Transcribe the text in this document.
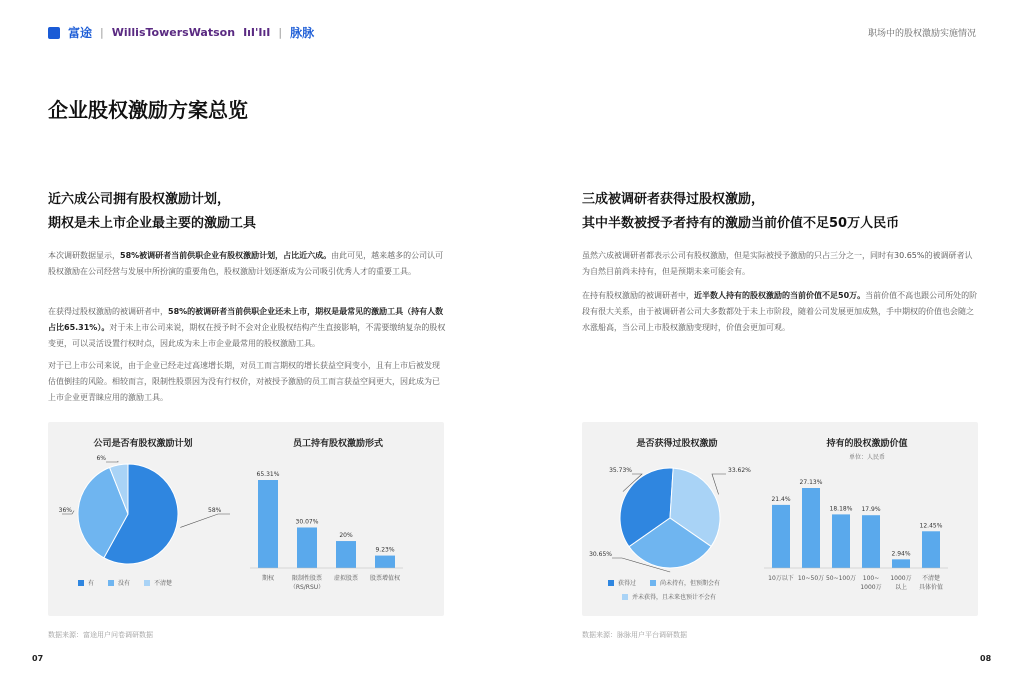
富途 | WillisTowersWatson IıI'IıI | 脉脉	职场中的股权激励实施情况
企业股权激励方案总览
近六成公司拥有股权激励计划，
期权是未上市企业最主要的激励工具
本次调研数据显示，58%被调研者当前供职企业有股权激励计划，占比近六成。由此可见，越来越多的公司认可股权激励在公司经营与发展中所扮演的重要角色，股权激励计划逐渐成为公司吸引优秀人才的重要工具。
在获得过股权激励的被调研者中，58%的被调研者当前供职企业还未上市，期权是最常见的激励工具（持有人数占比65.31%）。对于未上市公司来说，期权在授予时不会对企业股权结构产生直接影响，不需要缴纳复杂的股权变更，可以灵活设置行权时点，因此成为未上市企业最常用的股权激励工具。
对于已上市公司来说，由于企业已经走过高速增长期，对员工而言期权的增长获益空间变小，且有上市后被发现估值倒挂的风险。相较而言，限制性股票因为没有行权价，对被授予激励的员工而言获益空间更大，因此成为已上市企业更青睐应用的激励工具。
公司是否有股权激励计划	员工持有股权激励形式
58%
36%
6%
65.31%
期权
30.07%
限制性股票
（RS/RSU）
20%
虚拟股票
9.23%
股票增值权
有	没有	不清楚
数据来源：富途用户问卷调研数据
07
三成被调研者获得过股权激励，
其中半数被授予者持有的激励当前价值不足50万人民币
虽然六成被调研者都表示公司有股权激励，但是实际被授予激励的只占三分之一，同时有30.65%的被调研者认为自然目前尚未持有，但是预期未来可能会有。
在持有股权激励的被调研者中，近半数人持有的股权激励的当前价值不足50万。当前价值不高也跟公司所处的阶段有很大关系，由于被调研者公司大多数都处于未上市阶段，随着公司发展更加成熟，手中期权的价值也会随之水涨船高，当公司上市股权激励变现时，价值会更加可观。
是否获得过股权激励	持有的股权激励价值
单位：人民币
35.73%	33.62%
30.65%
21.4%
10万以下
27.13%
10~50万
18.18%
50~100万
17.9%
100~
1000万
2.94%
1000万
以上
12.45%
不清楚
具体价值
获得过	尚未持有，但预期会有
并未获得，且未来也预计不会有
数据来源：脉脉用户平台调研数据
08
